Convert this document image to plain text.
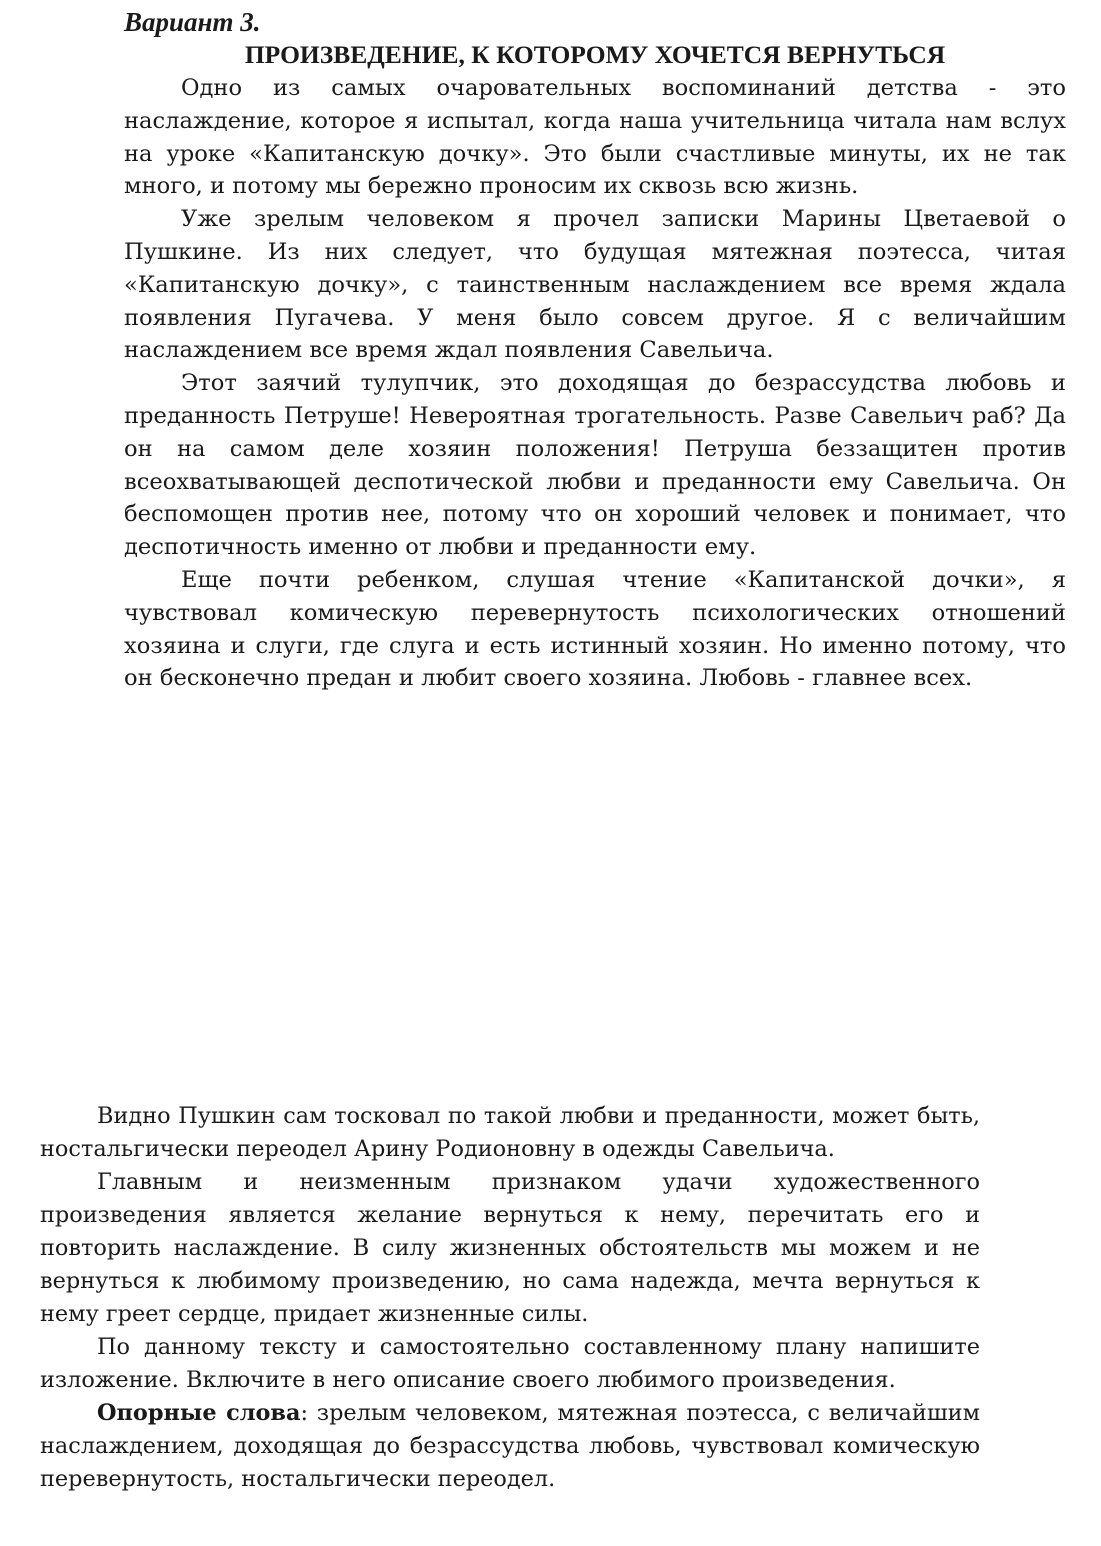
Вариант 3.

ПРОИЗВЕДЕНИЕ, К КОТОРОМУ ХОЧЕТСЯ ВЕРНУТЬСЯ

Одно из самых очаровательных воспоминаний детства - это наслаждение, которое я испытал, когда наша учительница читала нам вслух на уроке «Капитанскую дочку». Это были счастливые минуты, их не так много, и потому мы бережно проносим их сквозь всю жизнь.

Уже зрелым человеком я прочел записки Марины Цветаевой о Пушкине. Из них следует, что будущая мятежная поэтесса, читая «Капитанскую дочку», с таинственным наслаждением все время ждала появления Пугачева. У меня было совсем другое. Я с величайшим наслаждением все время ждал появления Савельича.

Этот заячий тулупчик, это доходящая до безрассудства любовь и преданность Петруше! Невероятная трогательность. Разве Савельич раб? Да он на самом деле хозяин положения! Петруша беззащитен против всеохватывающей деспотической любви и преданности ему Савельича. Он беспомощен против нее, потому что он хороший человек и понимает, что деспотичность именно от любви и преданности ему.

Еще почти ребенком, слушая чтение «Капитанской дочки», я чувствовал комическую перевернутость психологических отношений хозяина и слуги, где слуга и есть истинный хозяин. Но именно потому, что он бесконечно предан и любит своего хозяина. Любовь - главнее всех.

Видно Пушкин сам тосковал по такой любви и преданности, может быть, ностальгически переодел Арину Родионовну в одежды Савельича.

Главным и неизменным признаком удачи художественного произведения является желание вернуться к нему, перечитать его и повторить наслаждение. В силу жизненных обстоятельств мы можем и не вернуться к любимому произведению, но сама надежда, мечта вернуться к нему греет сердце, придает жизненные силы.

По данному тексту и самостоятельно составленному плану напишите изложение. Включите в него описание своего любимого произведения.

Опорные слова: зрелым человеком, мятежная поэтесса, с величайшим наслаждением, доходящая до безрассудства любовь, чувствовал комическую перевернутость, ностальгически переодел.
